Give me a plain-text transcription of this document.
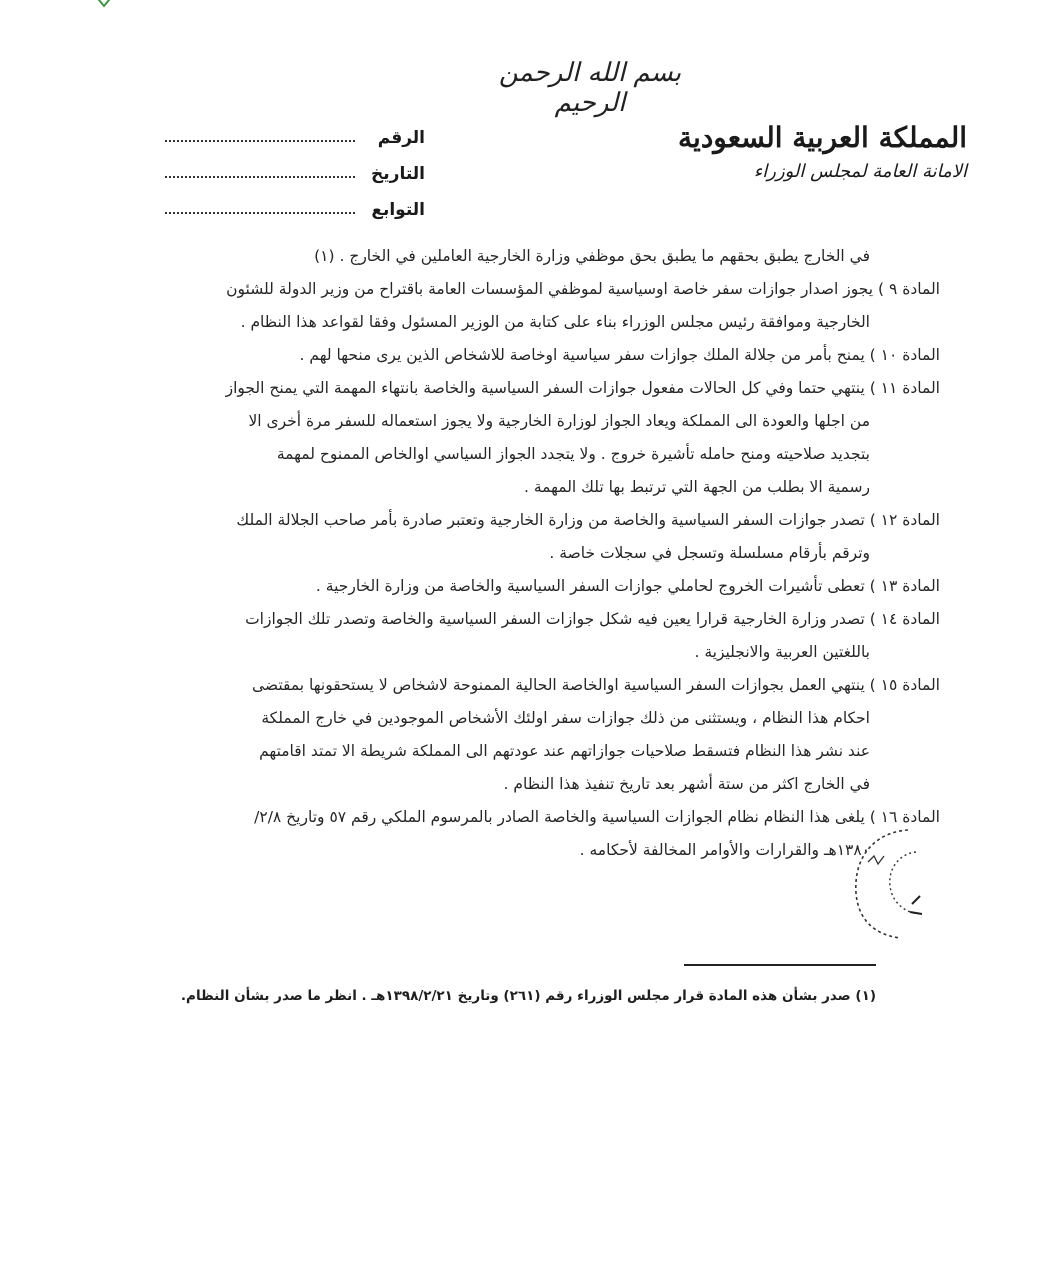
بسم الله الرحمن الرحيم
المملكة العربية السعودية
الامانة العامة لمجلس الوزراء
الرقم
التاريخ
التوابع
في الخارج يطبق بحقهم ما يطبق بحق موظفي وزارة الخارجية العاملين في الخارج . (١)
المادة ٩ ) يجوز اصدار جوازات سفر خاصة اوسياسية لموظفي المؤسسات العامة باقتراح من وزير الدولة للشئون
الخارجية وموافقة رئيس مجلس الوزراء بناء على كتابة من الوزير المسئول وفقا لقواعد هذا النظام .
المادة ١٠ ) يمنح بأمر من جلالة الملك جوازات سفر سياسية اوخاصة للاشخاص الذين يرى منحها لهم .
المادة ١١ ) ينتهي حتما وفي كل الحالات مفعول جوازات السفر السياسية والخاصة بانتهاء المهمة التي يمنح الجواز
من اجلها والعودة الى المملكة ويعاد الجواز لوزارة الخارجية ولا يجوز استعماله للسفر مرة أخرى الا
بتجديد صلاحيته ومنح حامله تأشيرة خروج . ولا يتجدد الجواز السياسي اوالخاص الممنوح لمهمة
رسمية الا بطلب من الجهة التي ترتبط بها تلك المهمة .
المادة ١٢ ) تصدر جوازات السفر السياسية والخاصة من وزارة الخارجية وتعتبر صادرة بأمر صاحب الجلالة الملك
وترقم بأرقام مسلسلة وتسجل في سجلات خاصة .
المادة ١٣ ) تعطى تأشيرات الخروج لحاملي جوازات السفر السياسية والخاصة من وزارة الخارجية .
المادة ١٤ ) تصدر وزارة الخارجية قرارا يعين فيه شكل جوازات السفر السياسية والخاصة وتصدر تلك الجوازات
باللغتين العربية والانجليزية .
المادة ١٥ ) ينتهي العمل بجوازات السفر السياسية اوالخاصة الحالية الممنوحة لاشخاص لا يستحقونها بمقتضى
احكام هذا النظام ، ويستثنى من ذلك جوازات سفر اولئك الأشخاص الموجودين في خارج المملكة
عند نشر هذا النظام فتسقط صلاحيات جوازاتهم عند عودتهم الى المملكة شريطة الا تمتد اقامتهم
في الخارج اكثر من ستة أشهر بعد تاريخ تنفيذ هذا النظام .
المادة ١٦ ) يلغى هذا النظام نظام الجوازات السياسية والخاصة الصادر بالمرسوم الملكي رقم ٥٧ وتاريخ ٢/٨/
١٣٨٠هـ والقرارات والأوامر المخالفة لأحكامه .
(١) صدر بشأن هذه المادة قرار مجلس الوزراء رقم (٢٦١) وتاريخ ١٣٩٨/٢/٢١هـ . انظر ما صدر بشأن النظام.
